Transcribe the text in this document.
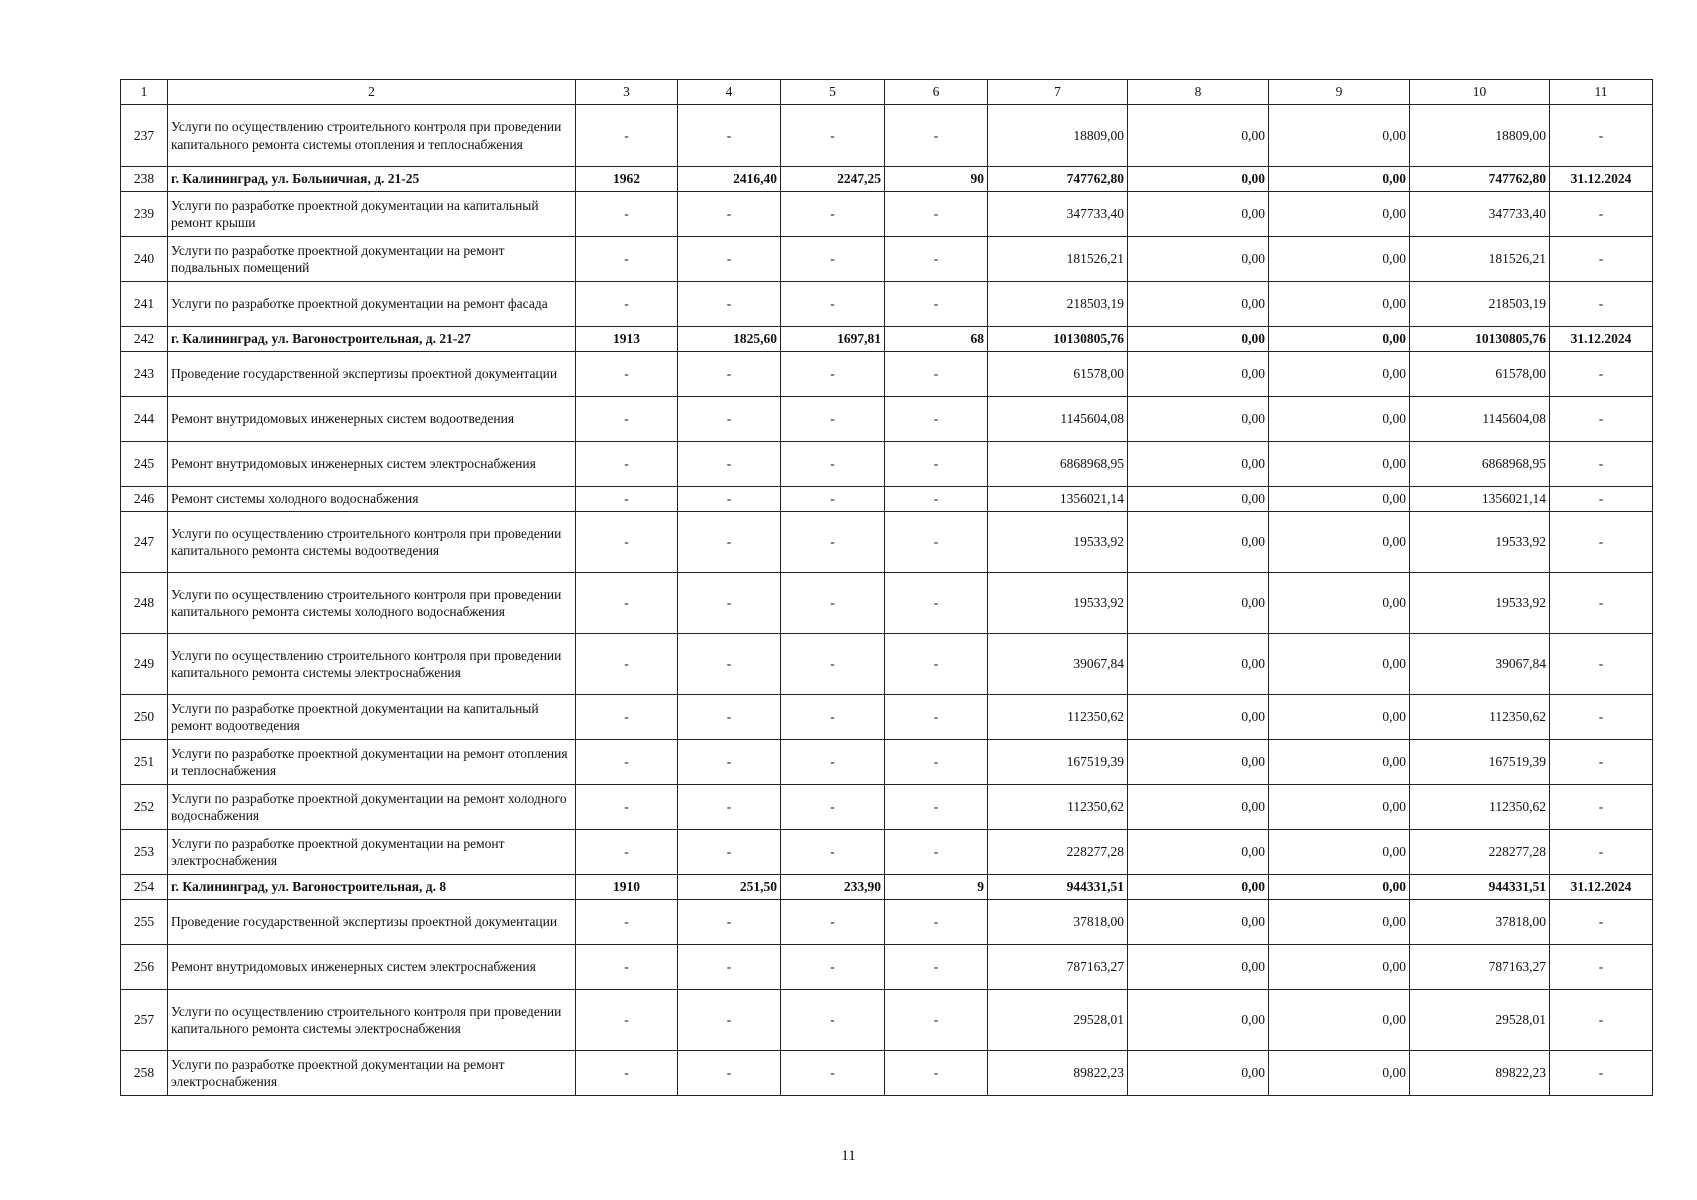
1	2	3	4	5	6	7	8	9	10	11
237	Услуги по осуществлению строительного контроля при проведении капитального ремонта системы отопления и теплоснабжения	-	-	-	-	18809,00	0,00	0,00	18809,00	-
238	г. Калининград, ул. Больничная, д. 21-25	1962	2416,40	2247,25	90	747762,80	0,00	0,00	747762,80	31.12.2024
239	Услуги по разработке проектной документации на капитальный ремонт крыши	-	-	-	-	347733,40	0,00	0,00	347733,40	-
240	Услуги по разработке проектной документации на ремонт подвальных помещений	-	-	-	-	181526,21	0,00	0,00	181526,21	-
241	Услуги по разработке проектной документации на ремонт фасада	-	-	-	-	218503,19	0,00	0,00	218503,19	-
242	г. Калининград, ул. Вагоностроительная, д. 21-27	1913	1825,60	1697,81	68	10130805,76	0,00	0,00	10130805,76	31.12.2024
243	Проведение государственной экспертизы проектной документации	-	-	-	-	61578,00	0,00	0,00	61578,00	-
244	Ремонт внутридомовых инженерных систем водоотведения	-	-	-	-	1145604,08	0,00	0,00	1145604,08	-
245	Ремонт внутридомовых инженерных систем электроснабжения	-	-	-	-	6868968,95	0,00	0,00	6868968,95	-
246	Ремонт системы холодного водоснабжения	-	-	-	-	1356021,14	0,00	0,00	1356021,14	-
247	Услуги по осуществлению строительного контроля при проведении капитального ремонта системы водоотведения	-	-	-	-	19533,92	0,00	0,00	19533,92	-
248	Услуги по осуществлению строительного контроля при проведении капитального ремонта системы холодного водоснабжения	-	-	-	-	19533,92	0,00	0,00	19533,92	-
249	Услуги по осуществлению строительного контроля при проведении капитального ремонта системы электроснабжения	-	-	-	-	39067,84	0,00	0,00	39067,84	-
250	Услуги по разработке проектной документации на капитальный ремонт водоотведения	-	-	-	-	112350,62	0,00	0,00	112350,62	-
251	Услуги по разработке проектной документации на ремонт отопления и теплоснабжения	-	-	-	-	167519,39	0,00	0,00	167519,39	-
252	Услуги по разработке проектной документации на ремонт холодного водоснабжения	-	-	-	-	112350,62	0,00	0,00	112350,62	-
253	Услуги по разработке проектной документации на ремонт электроснабжения	-	-	-	-	228277,28	0,00	0,00	228277,28	-
254	г. Калининград, ул. Вагоностроительная, д. 8	1910	251,50	233,90	9	944331,51	0,00	0,00	944331,51	31.12.2024
255	Проведение государственной экспертизы проектной документации	-	-	-	-	37818,00	0,00	0,00	37818,00	-
256	Ремонт внутридомовых инженерных систем электроснабжения	-	-	-	-	787163,27	0,00	0,00	787163,27	-
257	Услуги по осуществлению строительного контроля при проведении капитального ремонта системы электроснабжения	-	-	-	-	29528,01	0,00	0,00	29528,01	-
258	Услуги по разработке проектной документации на ремонт электроснабжения	-	-	-	-	89822,23	0,00	0,00	89822,23	-
11
